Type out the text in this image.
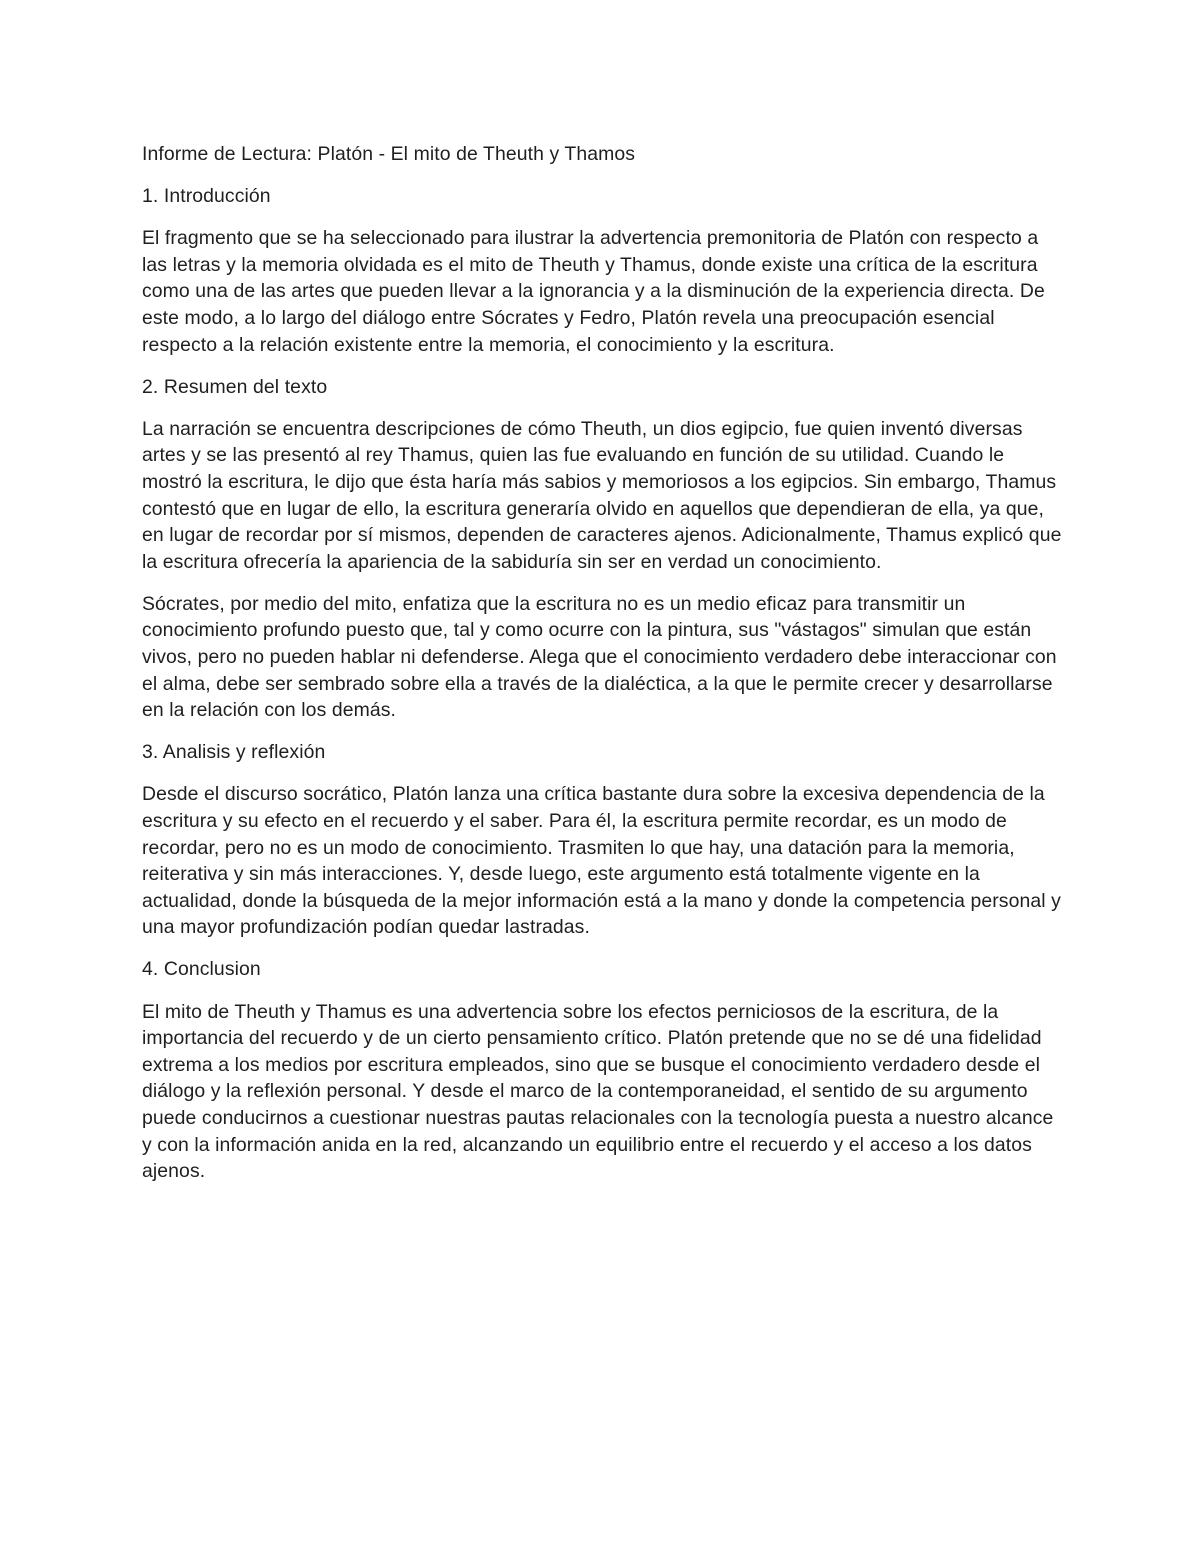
Informe de Lectura: Platón - El mito de Theuth y Thamos

1. Introducción

El fragmento que se ha seleccionado para ilustrar la advertencia premonitoria de Platón con respecto a las letras y la memoria olvidada es el mito de Theuth y Thamus, donde existe una crítica de la escritura como una de las artes que pueden llevar a la ignorancia y a la disminución de la experiencia directa. De este modo, a lo largo del diálogo entre Sócrates y Fedro, Platón revela una preocupación esencial respecto a la relación existente entre la memoria, el conocimiento y la escritura.

2. Resumen del texto

La narración se encuentra descripciones de cómo Theuth, un dios egipcio, fue quien inventó diversas artes y se las presentó al rey Thamus, quien las fue evaluando en función de su utilidad. Cuando le mostró la escritura, le dijo que ésta haría más sabios y memoriosos a los egipcios. Sin embargo, Thamus contestó que en lugar de ello, la escritura generaría olvido en aquellos que dependieran de ella, ya que, en lugar de recordar por sí mismos, dependen de caracteres ajenos. Adicionalmente, Thamus explicó que la escritura ofrecería la apariencia de la sabiduría sin ser en verdad un conocimiento.

Sócrates, por medio del mito, enfatiza que la escritura no es un medio eficaz para transmitir un conocimiento profundo puesto que, tal y como ocurre con la pintura, sus "vástagos" simulan que están vivos, pero no pueden hablar ni defenderse. Alega que el conocimiento verdadero debe interaccionar con el alma, debe ser sembrado sobre ella a través de la dialéctica, a la que le permite crecer y desarrollarse en la relación con los demás.

3. Analisis y reflexión

Desde el discurso socrático, Platón lanza una crítica bastante dura sobre la excesiva dependencia de la escritura y su efecto en el recuerdo y el saber. Para él, la escritura permite recordar, es un modo de recordar, pero no es un modo de conocimiento. Trasmiten lo que hay, una datación para la memoria, reiterativa y sin más interacciones. Y, desde luego, este argumento está totalmente vigente en la actualidad, donde la búsqueda de la mejor información está a la mano y donde la competencia personal y una mayor profundización podían quedar lastradas.

4. Conclusion

El mito de Theuth y Thamus es una advertencia sobre los efectos perniciosos de la escritura, de la importancia del recuerdo y de un cierto pensamiento crítico. Platón pretende que no se dé una fidelidad extrema a los medios por escritura empleados, sino que se busque el conocimiento verdadero desde el diálogo y la reflexión personal. Y desde el marco de la contemporaneidad, el sentido de su argumento puede conducirnos a cuestionar nuestras pautas relacionales con la tecnología puesta a nuestro alcance y con la información anida en la red, alcanzando un equilibrio entre el recuerdo y el acceso a los datos ajenos.
